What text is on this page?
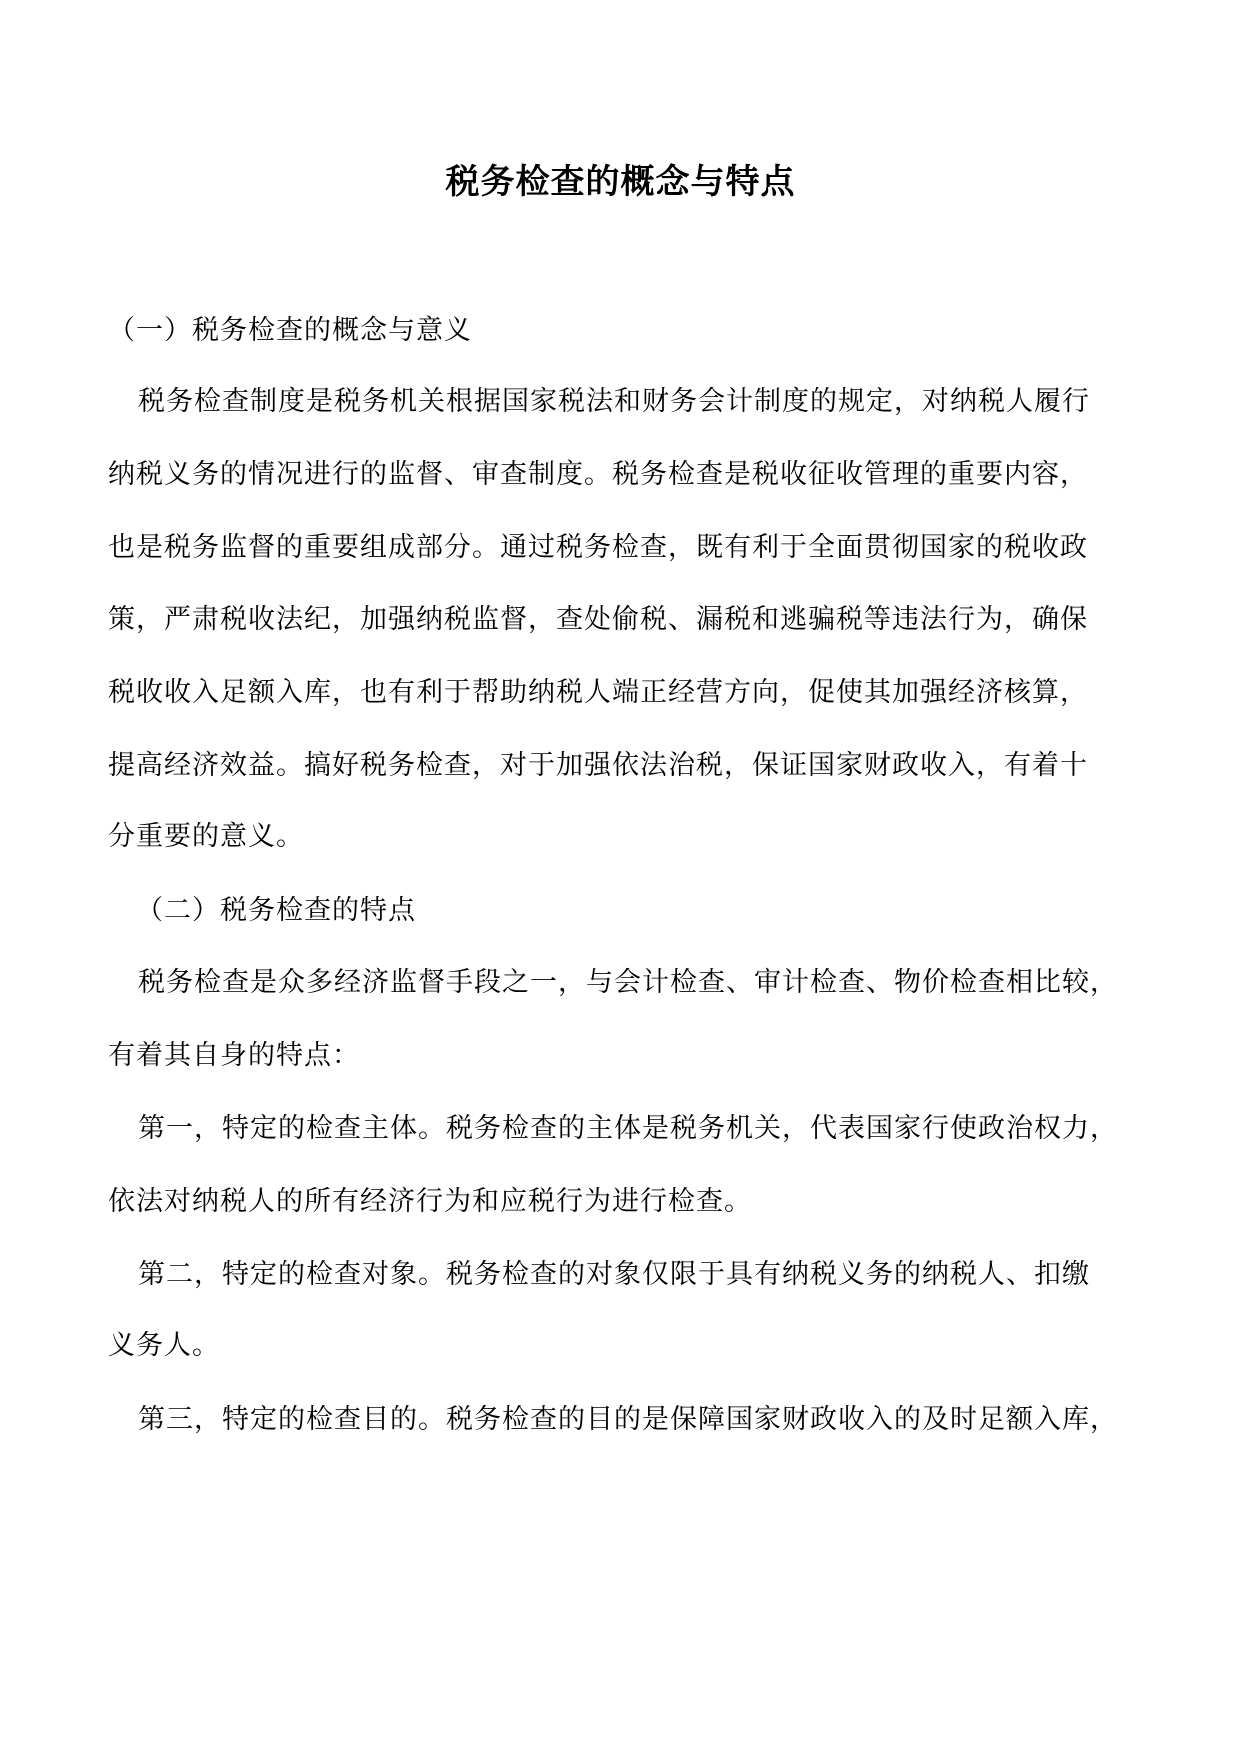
税务检查的概念与特点
（一）税务检查的概念与意义
税务检查制度是税务机关根据国家税法和财务会计制度的规定，对纳税人履行
纳税义务的情况进行的监督、审查制度。税务检查是税收征收管理的重要内容，
也是税务监督的重要组成部分。通过税务检查，既有利于全面贯彻国家的税收政
策，严肃税收法纪，加强纳税监督，查处偷税、漏税和逃骗税等违法行为，确保
税收收入足额入库，也有利于帮助纳税人端正经营方向，促使其加强经济核算，
提高经济效益。搞好税务检查，对于加强依法治税，保证国家财政收入，有着十
分重要的意义。
（二）税务检查的特点
税务检查是众多经济监督手段之一，与会计检查、审计检查、物价检查相比较，
有着其自身的特点：
第一，特定的检查主体。税务检查的主体是税务机关，代表国家行使政治权力，
依法对纳税人的所有经济行为和应税行为进行检查。
第二，特定的检查对象。税务检查的对象仅限于具有纳税义务的纳税人、扣缴
义务人。
第三，特定的检查目的。税务检查的目的是保障国家财政收入的及时足额入库，
